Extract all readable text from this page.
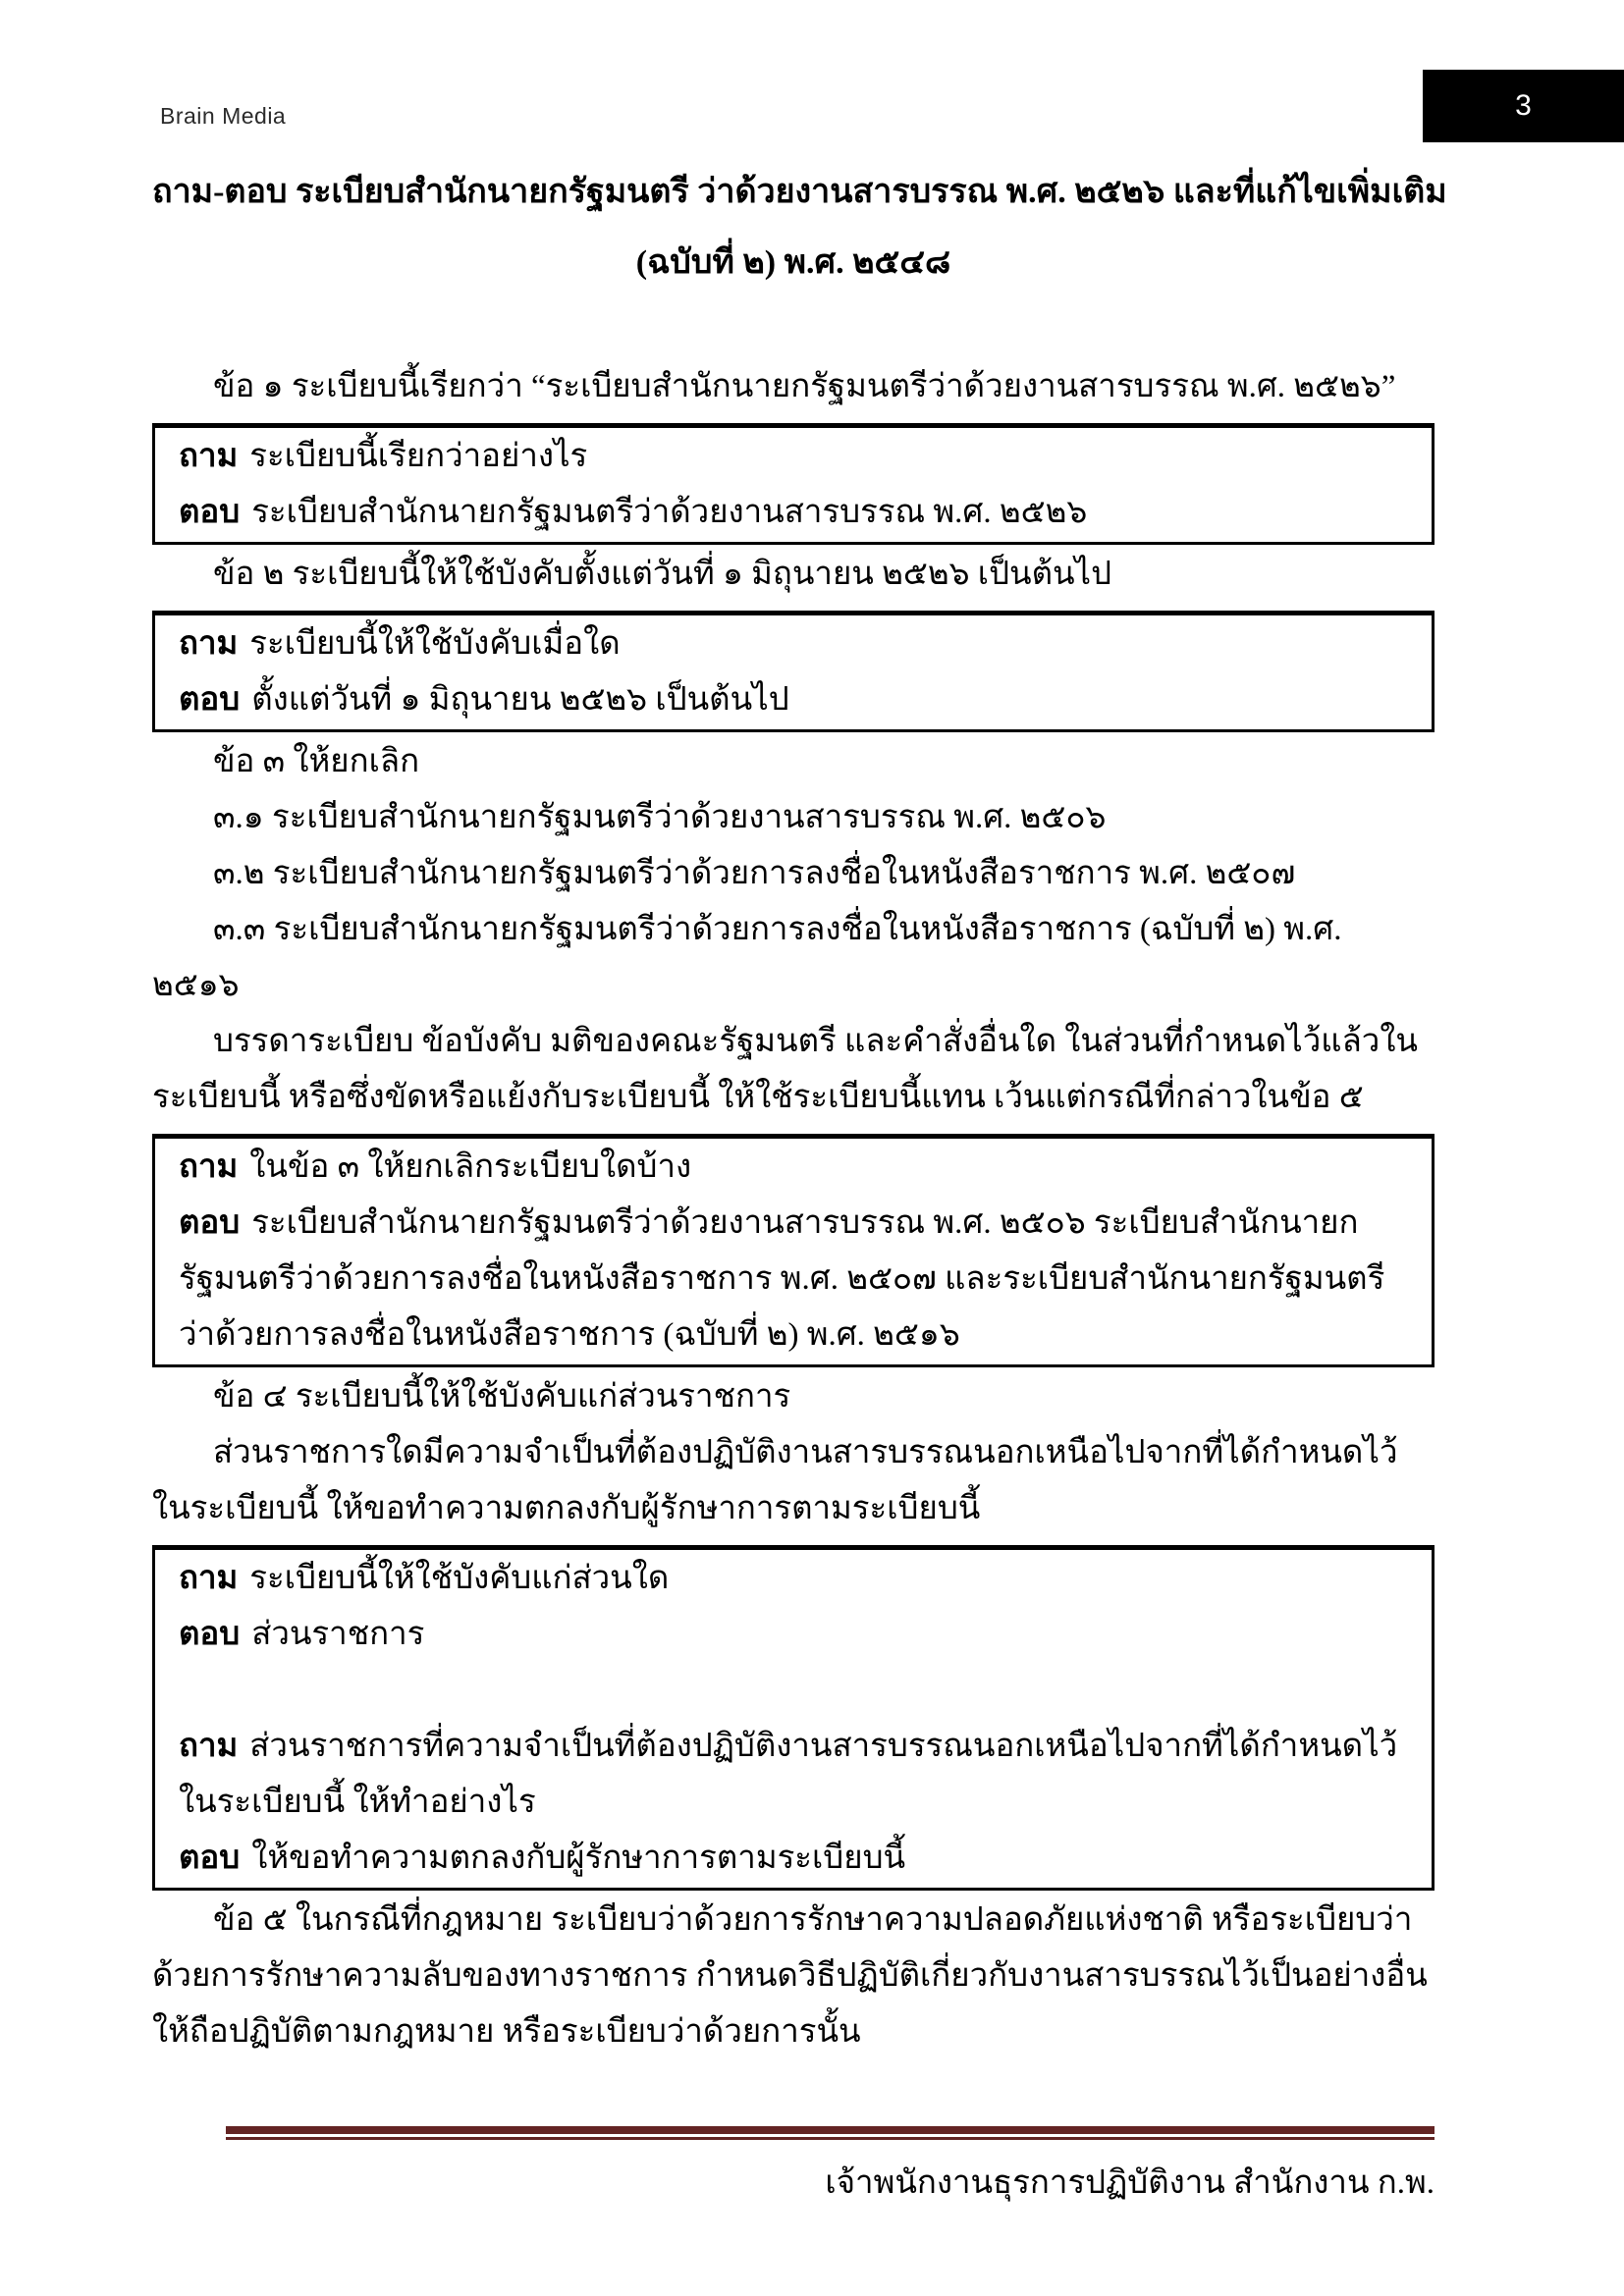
Brain Media	3
ถาม-ตอบ ระเบียบสำนักนายกรัฐมนตรี ว่าด้วยงานสารบรรณ พ.ศ. ๒๕๒๖ และที่แก้ไขเพิ่มเติม
(ฉบับที่ ๒) พ.ศ. ๒๕๔๘

ข้อ ๑ ระเบียบนี้เรียกว่า “ระเบียบสำนักนายกรัฐมนตรีว่าด้วยงานสารบรรณ พ.ศ. ๒๕๒๖”

ถาม ระเบียบนี้เรียกว่าอย่างไร
ตอบ ระเบียบสำนักนายกรัฐมนตรีว่าด้วยงานสารบรรณ พ.ศ. ๒๕๒๖

ข้อ ๒ ระเบียบนี้ให้ใช้บังคับตั้งแต่วันที่ ๑ มิถุนายน ๒๕๒๖ เป็นต้นไป

ถาม ระเบียบนี้ให้ใช้บังคับเมื่อใด
ตอบ ตั้งแต่วันที่ ๑ มิถุนายน ๒๕๒๖ เป็นต้นไป

ข้อ ๓ ให้ยกเลิก

๓.๑ ระเบียบสำนักนายกรัฐมนตรีว่าด้วยงานสารบรรณ พ.ศ. ๒๕๐๖

๓.๒ ระเบียบสำนักนายกรัฐมนตรีว่าด้วยการลงชื่อในหนังสือราชการ พ.ศ. ๒๕๐๗

๓.๓ ระเบียบสำนักนายกรัฐมนตรีว่าด้วยการลงชื่อในหนังสือราชการ (ฉบับที่ ๒) พ.ศ. ๒๕๑๖

บรรดาระเบียบ ข้อบังคับ มติของคณะรัฐมนตรี และคำสั่งอื่นใด ในส่วนที่กำหนดไว้แล้วในระเบียบนี้ หรือซึ่งขัดหรือแย้งกับระเบียบนี้ ให้ใช้ระเบียบนี้แทน เว้นแต่กรณีที่กล่าวในข้อ ๕

ถาม ในข้อ ๓ ให้ยกเลิกระเบียบใดบ้าง
ตอบ ระเบียบสำนักนายกรัฐมนตรีว่าด้วยงานสารบรรณ พ.ศ. ๒๕๐๖ ระเบียบสำนักนายกรัฐมนตรีว่าด้วยการลงชื่อในหนังสือราชการ พ.ศ. ๒๕๐๗ และระเบียบสำนักนายกรัฐมนตรีว่าด้วยการลงชื่อในหนังสือราชการ (ฉบับที่ ๒) พ.ศ. ๒๕๑๖

ข้อ ๔ ระเบียบนี้ให้ใช้บังคับแก่ส่วนราชการ

ส่วนราชการใดมีความจำเป็นที่ต้องปฏิบัติงานสารบรรณนอกเหนือไปจากที่ได้กำหนดไว้ในระเบียบนี้ ให้ขอทำความตกลงกับผู้รักษาการตามระเบียบนี้

ถาม ระเบียบนี้ให้ใช้บังคับแก่ส่วนใด
ตอบ ส่วนราชการ
ถาม ส่วนราชการที่ความจำเป็นที่ต้องปฏิบัติงานสารบรรณนอกเหนือไปจากที่ได้กำหนดไว้ในระเบียบนี้ ให้ทำอย่างไร
ตอบ ให้ขอทำความตกลงกับผู้รักษาการตามระเบียบนี้

ข้อ ๕ ในกรณีที่กฎหมาย ระเบียบว่าด้วยการรักษาความปลอดภัยแห่งชาติ หรือระเบียบว่าด้วยการรักษาความลับของทางราชการ กำหนดวิธีปฏิบัติเกี่ยวกับงานสารบรรณไว้เป็นอย่างอื่น ให้ถือปฏิบัติตามกฎหมาย หรือระเบียบว่าด้วยการนั้น

เจ้าพนักงานธุรการปฏิบัติงาน สำนักงาน ก.พ.
